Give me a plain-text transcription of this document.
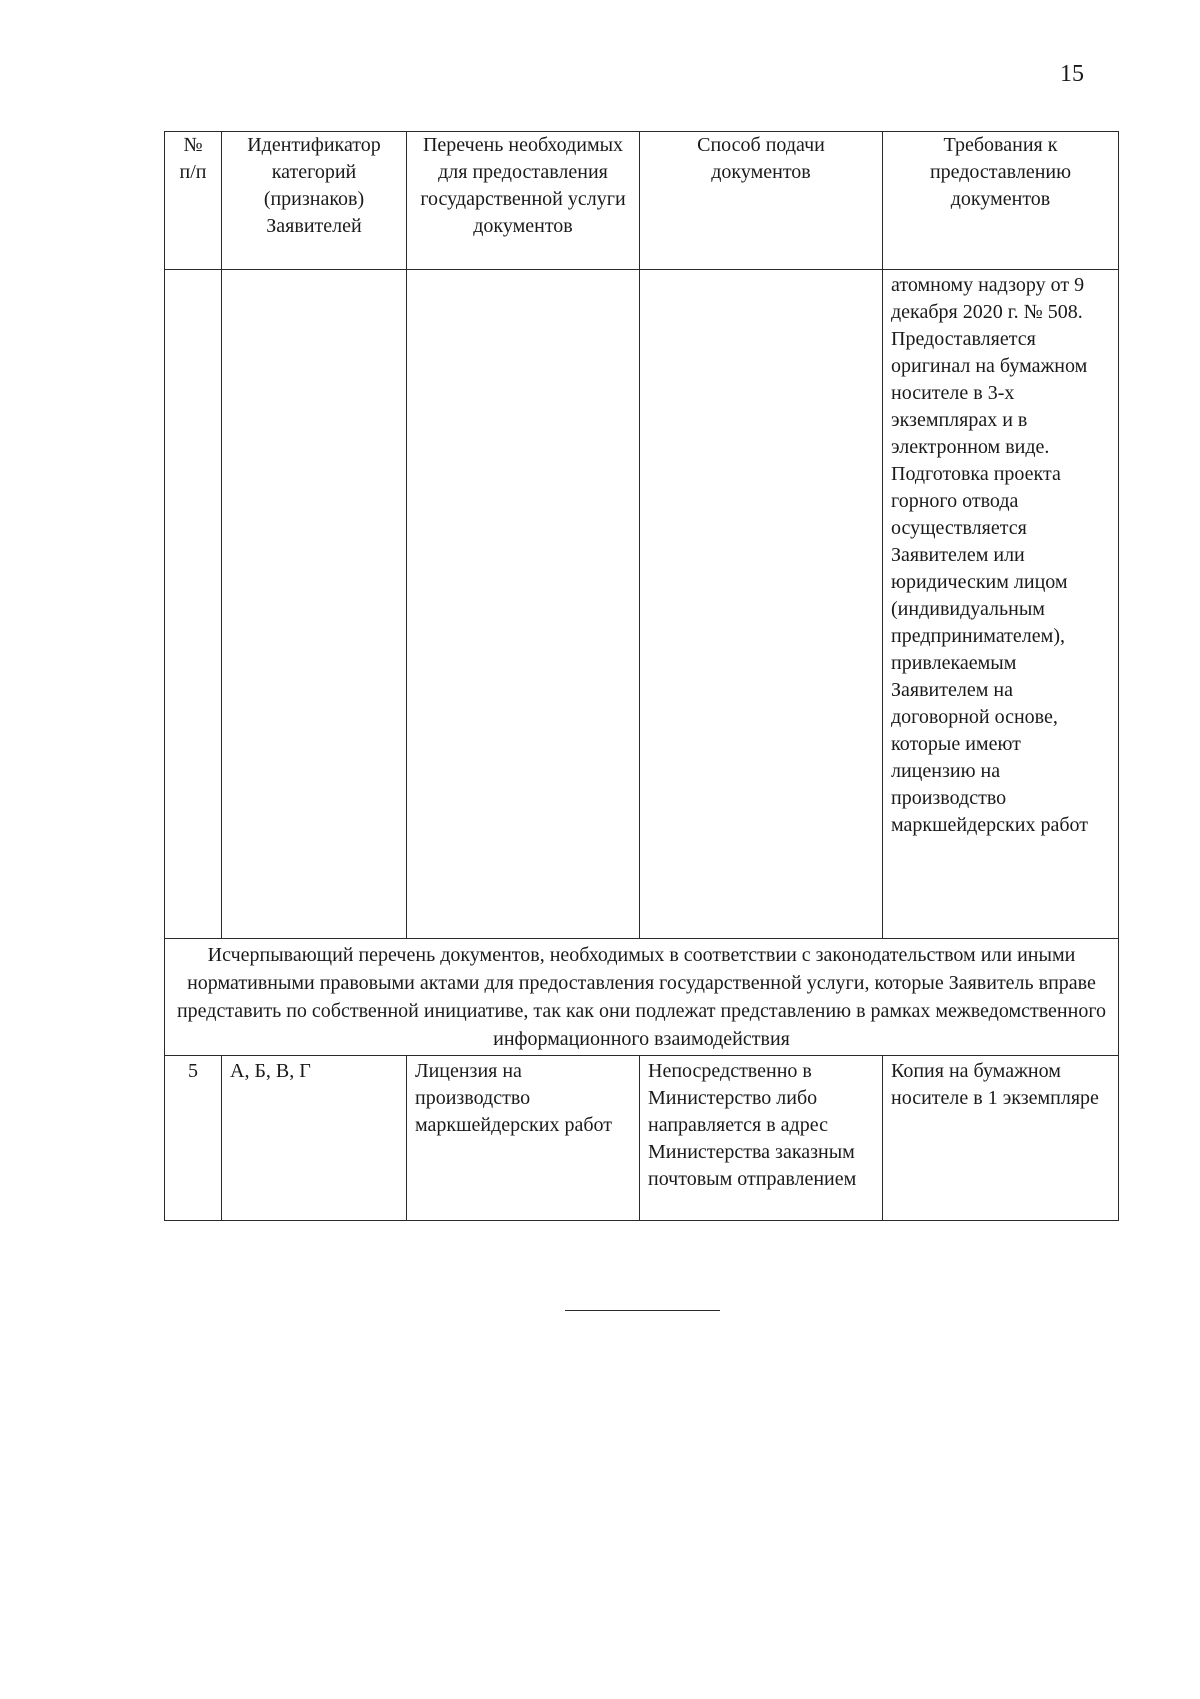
15
№ п/п	Идентификатор категорий (признаков) Заявителей	Перечень необходимых для предоставления государственной услуги документов	Способ подачи документов	Требования к предоставлению документов
				атомному надзору от 9 декабря 2020 г. № 508. Предоставляется оригинал на бумажном носителе в 3-х экземплярах и в электронном виде. Подготовка проекта горного отвода осуществляется Заявителем или юридическим лицом (индивидуальным предпринимателем), привлекаемым Заявителем на договорной основе, которые имеют лицензию на производство маркшейдерских работ
Исчерпывающий перечень документов, необходимых в соответствии с законодательством или иными нормативными правовыми актами для предоставления государственной услуги, которые Заявитель вправе представить по собственной инициативе, так как они подлежат представлению в рамках межведомственного информационного взаимодействия				
5	А, Б, В, Г	Лицензия на производство маркшейдерских работ	Непосредственно в Министерство либо направляется в адрес Министерства заказным почтовым отправлением	Копия на бумажном носителе в 1 экземпляре
